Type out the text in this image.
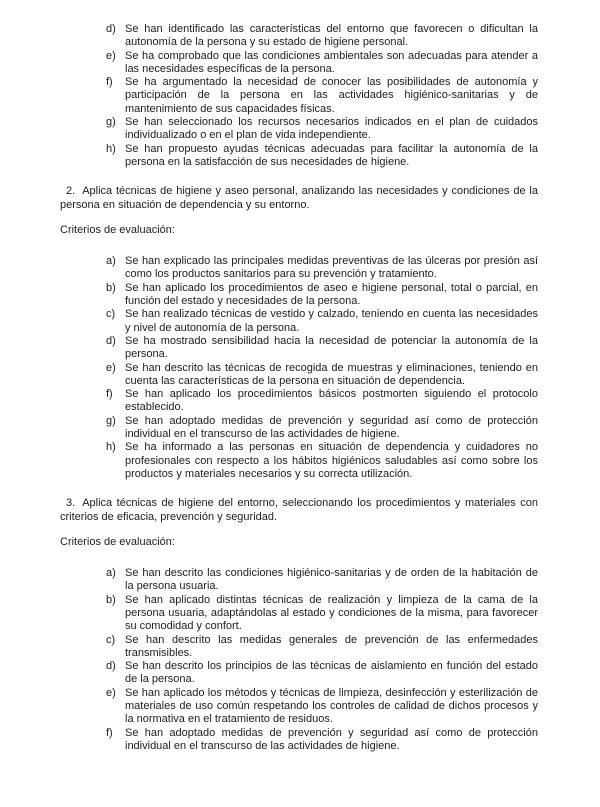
d) Se han identificado las características del entorno que favorecen o dificultan la autonomía de la persona y su estado de higiene personal.
e) Se ha comprobado que las condiciones ambientales son adecuadas para atender a las necesidades específicas de la persona.
f) Se ha argumentado la necesidad de conocer las posibilidades de autonomía y participación de la persona en las actividades higiénico-sanitarias y de mantenimiento de sus capacidades físicas.
g) Se han seleccionado los recursos necesarios indicados en el plan de cuidados individualizado o en el plan de vida independiente.
h) Se han propuesto ayudas técnicas adecuadas para facilitar la autonomía de la persona en la satisfacción de sus necesidades de higiene.

2. Aplica técnicas de higiene y aseo personal, analizando las necesidades y condiciones de la persona en situación de dependencia y su entorno.

Criterios de evaluación:

a) Se han explicado las principales medidas preventivas de las úlceras por presión así como los productos sanitarios para su prevención y tratamiento.
b) Se han aplicado los procedimientos de aseo e higiene personal, total o parcial, en función del estado y necesidades de la persona.
c) Se han realizado técnicas de vestido y calzado, teniendo en cuenta las necesidades y nivel de autonomía de la persona.
d) Se ha mostrado sensibilidad hacia la necesidad de potenciar la autonomía de la persona.
e) Se han descrito las técnicas de recogida de muestras y eliminaciones, teniendo en cuenta las características de la persona en situación de dependencia.
f) Se han aplicado los procedimientos básicos postmorten siguiendo el protocolo establecido.
g) Se han adoptado medidas de prevención y seguridad así como de protección individual en el transcurso de las actividades de higiene.
h) Se ha informado a las personas en situación de dependencia y cuidadores no profesionales con respecto a los hábitos higiénicos saludables así como sobre los productos y materiales necesarios y su correcta utilización.

3. Aplica técnicas de higiene del entorno, seleccionando los procedimientos y materiales con criterios de eficacia, prevención y seguridad.

Criterios de evaluación:

a) Se han descrito las condiciones higiénico-sanitarias y de orden de la habitación de la persona usuaria.
b) Se han aplicado distintas técnicas de realización y limpieza de la cama de la persona usuaria, adaptándolas al estado y condiciones de la misma, para favorecer su comodidad y confort.
c) Se han descrito las medidas generales de prevención de las enfermedades transmisibles.
d) Se han descrito los principios de las técnicas de aislamiento en función del estado de la persona.
e) Se han aplicado los métodos y técnicas de limpieza, desinfección y esterilización de materiales de uso común respetando los controles de calidad de dichos procesos y la normativa en el tratamiento de residuos.
f) Se han adoptado medidas de prevención y seguridad así como de protección individual en el transcurso de las actividades de higiene.
